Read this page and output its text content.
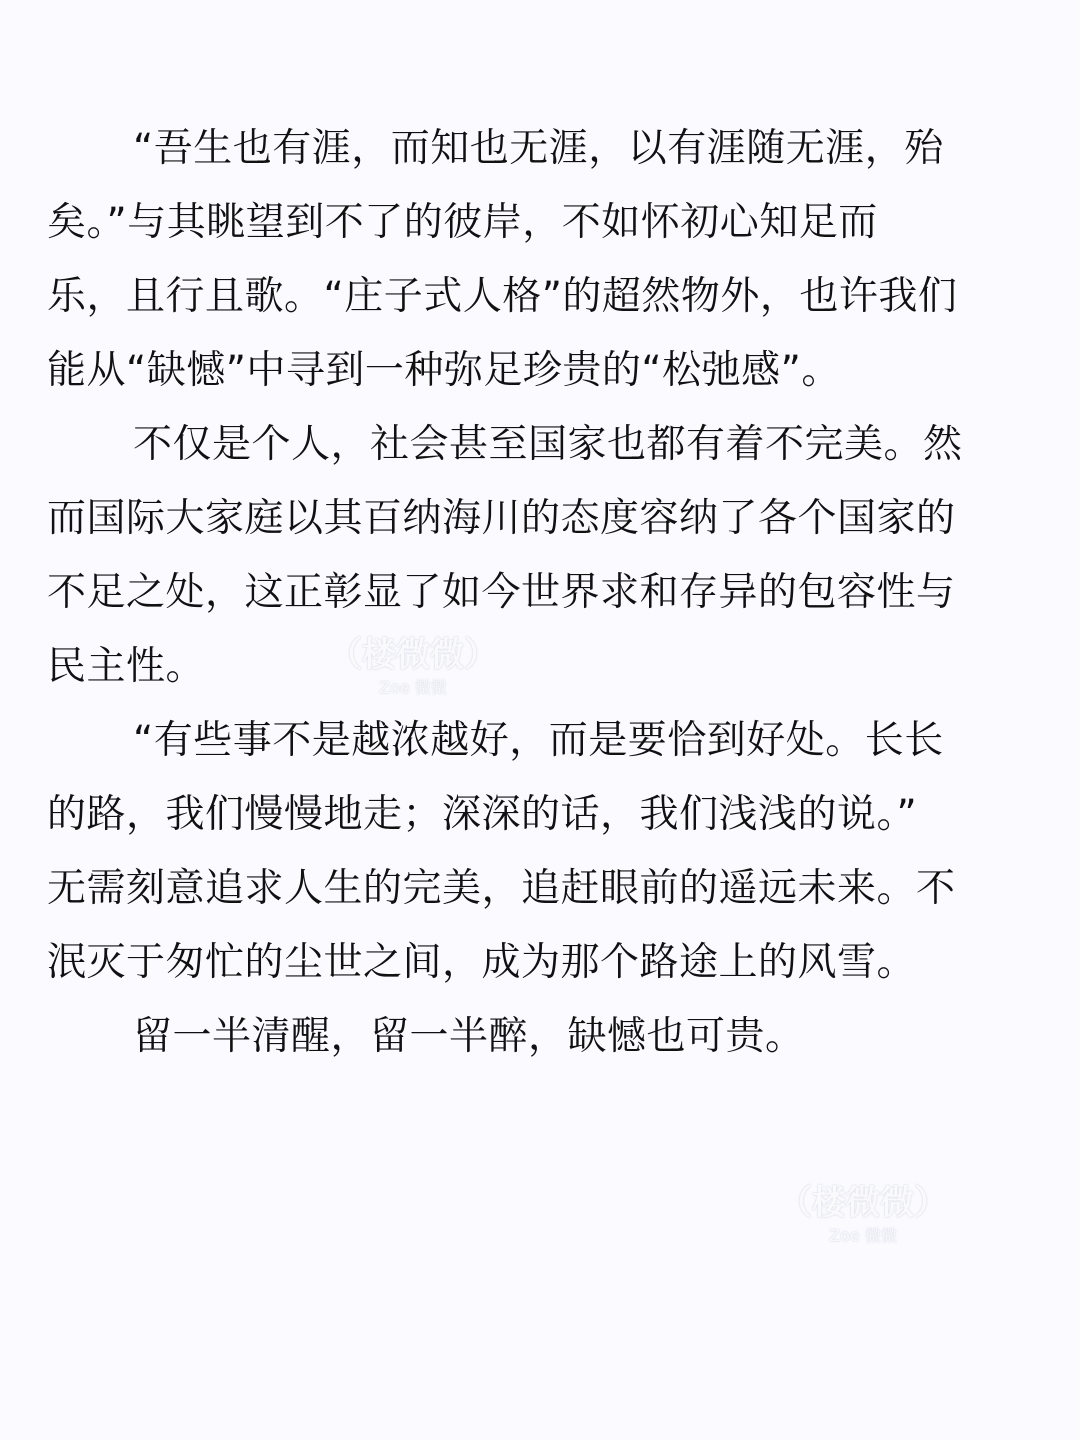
“吾生也有涯，而知也无涯，以有涯随无涯，殆
矣。”与其眺望到不了的彼岸，不如怀初心知足而
乐，且行且歌。“庄子式人格”的超然物外，也许我们
能从“缺憾”中寻到一种弥足珍贵的“松弛感”。
不仅是个人，社会甚至国家也都有着不完美。然
而国际大家庭以其百纳海川的态度容纳了各个国家的
不足之处，这正彰显了如今世界求和存异的包容性与
民主性。
“有些事不是越浓越好，而是要恰到好处。长长
的路，我们慢慢地走；深深的话，我们浅浅的说。”
无需刻意追求人生的完美，追赶眼前的遥远未来。不
泯灭于匆忙的尘世之间，成为那个路途上的风雪。
留一半清醒，留一半醉，缺憾也可贵。
（楼微微）
Zoe 微微
（楼微微）
Zoe 微微
